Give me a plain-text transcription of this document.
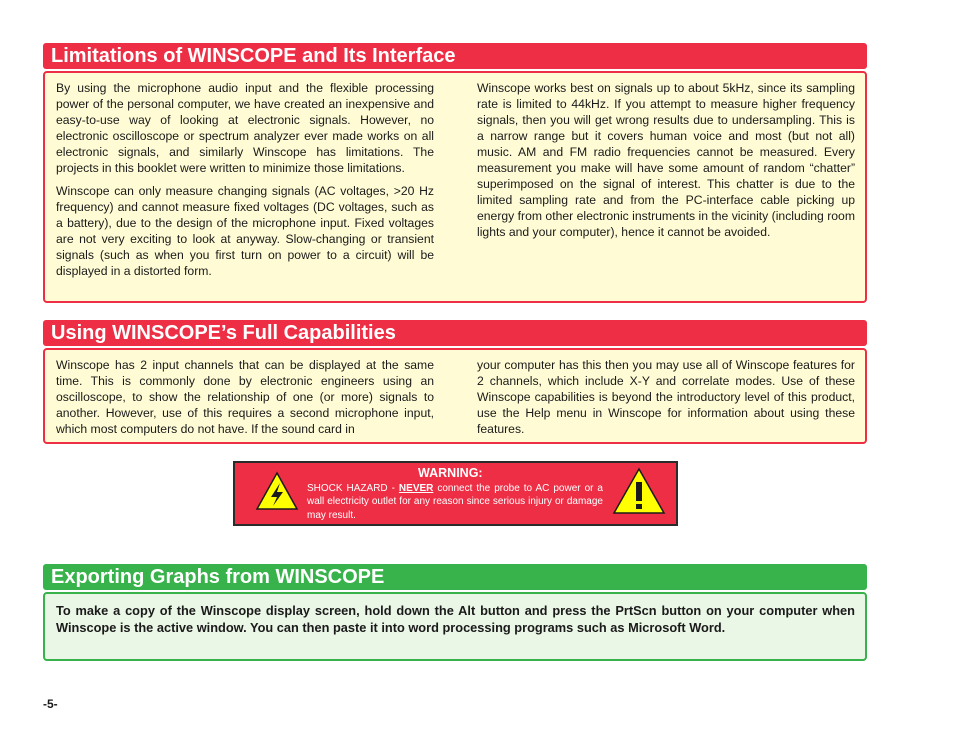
Limitations of WINSCOPE and Its Interface

By using the microphone audio input and the flexible processing power of the personal computer, we have created an inexpensive and easy-to-use way of looking at electronic signals. However, no electronic oscilloscope or spectrum analyzer ever made works on all electronic signals, and similarly Winscope has limitations. The projects in this booklet were written to minimize those limitations.

Winscope can only measure changing signals (AC voltages, >20 Hz frequency) and cannot measure fixed voltages (DC voltages, such as a battery), due to the design of the microphone input. Fixed voltages are not very exciting to look at anyway. Slow-changing or transient signals (such as when you first turn on power to a circuit) will be displayed in a distorted form.

Winscope works best on signals up to about 5kHz, since its sampling rate is limited to 44kHz. If you attempt to measure higher frequency signals, then you will get wrong results due to undersampling. This is a narrow range but it covers human voice and most (but not all) music. AM and FM radio frequencies cannot be measured. Every measurement you make will have some amount of random “chatter” superimposed on the signal of interest. This chatter is due to the limited sampling rate and from the PC-interface cable picking up energy from other electronic instruments in the vicinity (including room lights and your computer), hence it cannot be avoided.

Using WINSCOPE’s Full Capabilities

Winscope has 2 input channels that can be displayed at the same time. This is commonly done by electronic engineers using an oscilloscope, to show the relationship of one (or more) signals to another. However, use of this requires a second microphone input, which most computers do not have. If the sound card in

your computer has this then you may use all of Winscope features for 2 channels, which include X-Y and correlate modes. Use of these Winscope capabilities is beyond the introductory level of this product, use the Help menu in Winscope for information about using these features.

WARNING:
SHOCK HAZARD - NEVER connect the probe to AC power or a wall electricity outlet for any reason since serious injury or damage may result.
Exporting Graphs from WINSCOPE
To make a copy of the Winscope display screen, hold down the Alt button and press the PrtScn button on your computer when Winscope is the active window. You can then paste it into word processing programs such as Microsoft Word.
-5-
